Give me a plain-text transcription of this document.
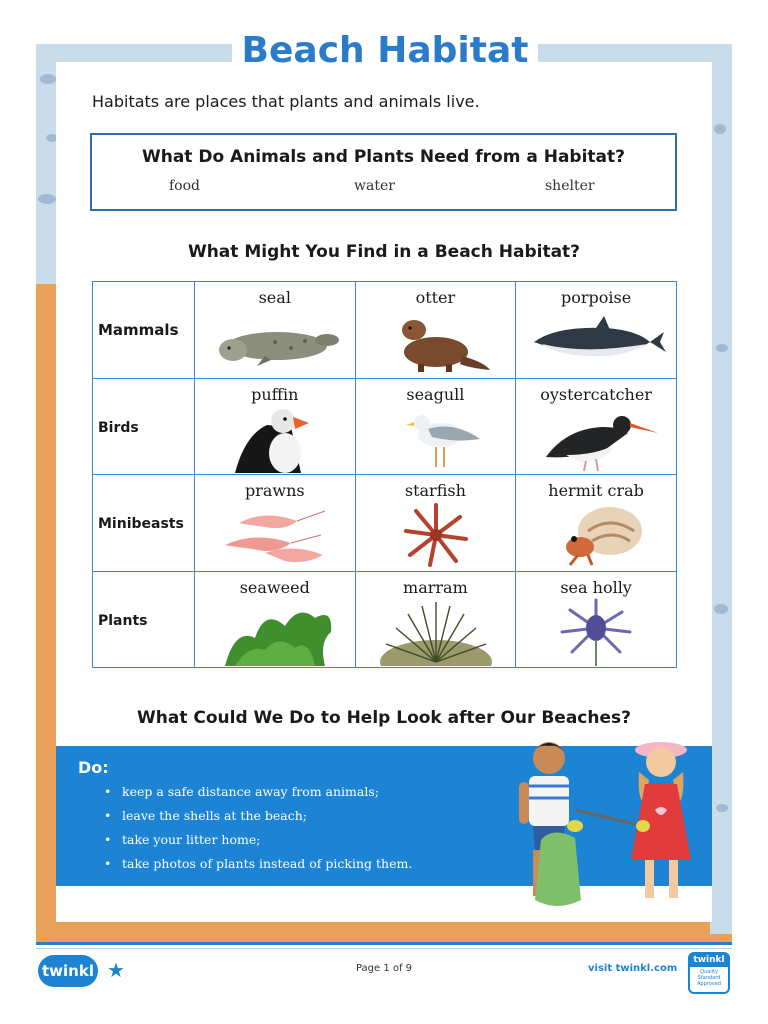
Beach Habitat

Habitats are places that plants and animals live.

What Do Animals and Plants Need from a Habitat?
food	water	shelter
What Might You Find in a Beach Habitat?
Mammals	seal	otter	porpoise

Birds	puffin	seagull	oystercatcher

Minibeasts	prawns	starfish	hermit crab

Plants	seaweed	marram	sea holly
What Could We Do to Help Look after Our Beaches?
Do:
• keep a safe distance away from animals;
• leave the shells at the beach;
• take your litter home;
• take photos of plants instead of picking them.
twinkl ★	Page 1 of 9	visit twinkl.com
twinkl
Quality Standard Approved
